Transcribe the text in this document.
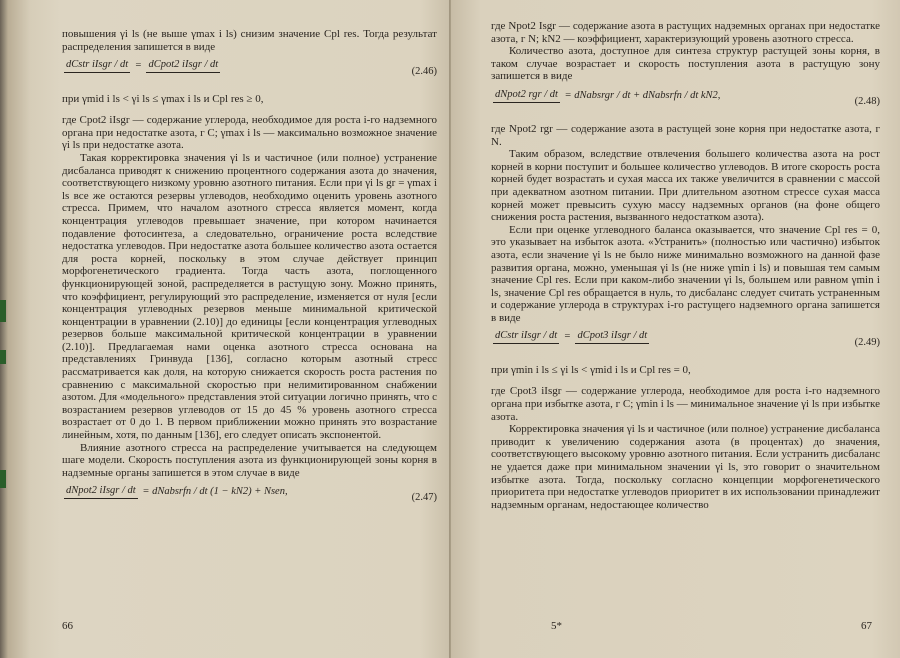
повышения γi ls (не выше γmax i ls) снизим значение Cpl res. Тогда результат распределения запишется в виде

dCstr iIsgr / dt = dCpot2 iIsgr / dt
(2.46)
при γmid i ls < γi ls ≤ γmax i ls и Cpl res ≥ 0,

где Cpot2 iIsgr — содержание углерода, необходимое для роста i-го надземного органа при недостатке азота, г C; γmax i ls — максимально возможное значение γi ls при недостатке азота.

Такая корректировка значения γi ls и частичное (или полное) устранение дисбаланса приводят к снижению процентного содержания азота до значения, соответствующего низкому уровню азотного питания. Если при γi ls gr = γmax i ls все же остаются резервы углеводов, необходимо оценить уровень азотного стресса. Примем, что началом азотного стресса является момент, когда концентрация углеводов превышает значение, при котором начинается подавление фотосинтеза, а следовательно, ограничение роста вследствие недостатка углеводов. При недостатке азота большее количество азота остается для роста корней, поскольку в этом случае действует принцип морфогенетического градиента. Тогда часть азота, поглощенного функционирующей зоной, распределяется в растущую зону. Можно принять, что коэффициент, регулирующий это распределение, изменяется от нуля [если концентрация углеводных резервов меньше минимальной критической концентрации в уравнении (2.10)] до единицы [если концентрация углеводных резервов больше максимальной критической концентрации в уравнении (2.10)]. Предлагаемая нами оценка азотного стресса основана на представлениях Гринвуда [136], согласно которым азотный стресс рассматривается как доля, на которую снижается скорость роста растения по сравнению с максимальной скоростью при нелимитированном снабжении азотом. Для «модельного» представления этой ситуации логично принять, что с возрастанием резервов углеводов от 15 до 45 % уровень азотного стресса возрастает от 0 до 1. В первом приближении можно принять это возрастание линейным, хотя, по данным [136], его следует описать экспонентой.

Влияние азотного стресса на распределение учитывается на следующем шаге модели. Скорость поступления азота из функционирующей зоны корня в надземные органы запишется в этом случае в виде

dNpot2 iIsgr / dt = dNabsrfn / dt (1 − kN2) + Nsen,
(2.47)
66

где Npot2 Isgr — содержание азота в растущих надземных органах при недостатке азота, г N; kN2 — коэффициент, характеризующий уровень азотного стресса.

Количество азота, доступное для синтеза структур растущей зоны корня, в таком случае возрастает и скорость поступления азота в растущую зону запишется в виде

dNpot2 rgr / dt = dNabsrgr / dt + dNabsrfn / dt kN2,
(2.48)

где Npot2 rgr — содержание азота в растущей зоне корня при недостатке азота, г N.

Таким образом, вследствие отвлечения большего количества азота на рост корней в корни поступит и большее количество углеводов. В итоге скорость роста корней будет возрастать и сухая масса их также увеличится в сравнении с массой при адекватном азотном питании. При длительном азотном стрессе сухая масса корней может превысить сухую массу надземных органов (на фоне общего снижения роста растения, вызванного недостатком азота).

Если при оценке углеводного баланса оказывается, что значение Cpl res = 0, это указывает на избыток азота. «Устранить» (полностью или частично) избыток азота, если значение γi ls не было ниже минимально возможного на данной фазе развития органа, можно, уменьшая γi ls (не ниже γmin i ls) и повышая тем самым значение Cpl res. Если при каком-либо значении γi ls, большем или равном γmin i ls, значение Cpl res обращается в нуль, то дисбаланс следует считать устраненным и содержание углерода в структурах i-го растущего надземного органа запишется в виде

dCstr iIsgr / dt = dCpot3 iIsgr / dt
(2.49)
при γmin i ls ≤ γi ls < γmid i ls и Cpl res = 0,

где Cpot3 iIsgr — содержание углерода, необходимое для роста i-го надземного органа при избытке азота, г C; γmin i ls — минимальное значение γi ls при избытке азота.

Корректировка значения γi ls и частичное (или полное) устранение дисбаланса приводит к увеличению содержания азота (в процентах) до значения, соответствующего высокому уровню азотного питания. Если устранить дисбаланс не удается даже при минимальном значении γi ls, это говорит о значительном избытке азота. Тогда, поскольку согласно концепции морфогенетического приоритета при недостатке углеводов приоритет в их использовании принадлежит надземным органам, недостающее количество

5*	67
